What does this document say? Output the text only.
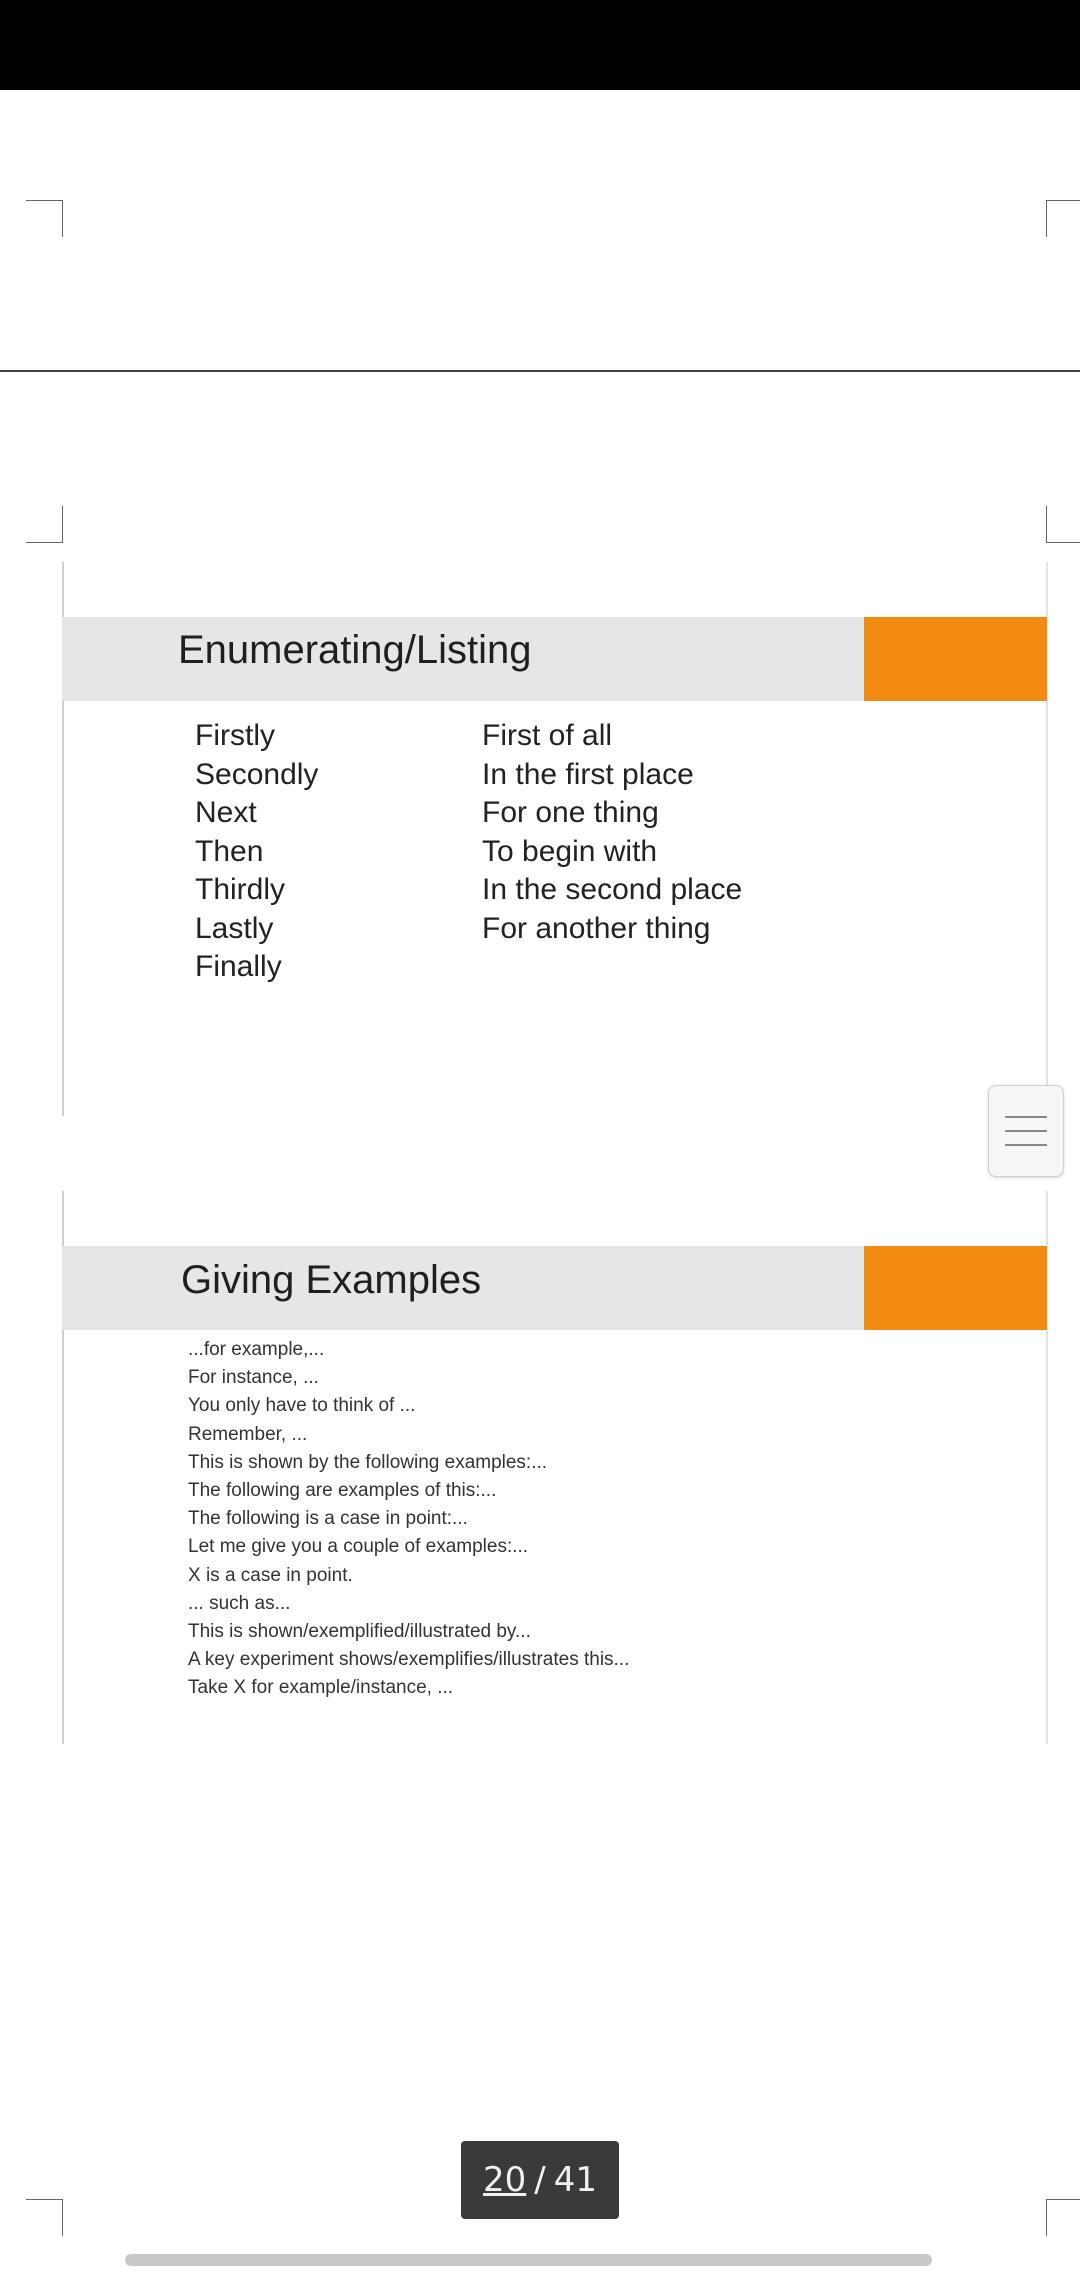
Enumerating/Listing
Firstly
Secondly
Next
Then
Thirdly
Lastly
Finally
First of all
In the first place
For one thing
To begin with
In the second place
For another thing
Giving Examples
...for example,...
For instance, ...
You only have to think of ...
Remember, ...
This is shown by the following examples:...
The following are examples of this:...
The following is a case in point:...
Let me give you a couple of examples:...
X is a case in point.
... such as...
This is shown/exemplified/illustrated by...
A key experiment shows/exemplifies/illustrates this...
Take X for example/instance, ...
20 / 41
